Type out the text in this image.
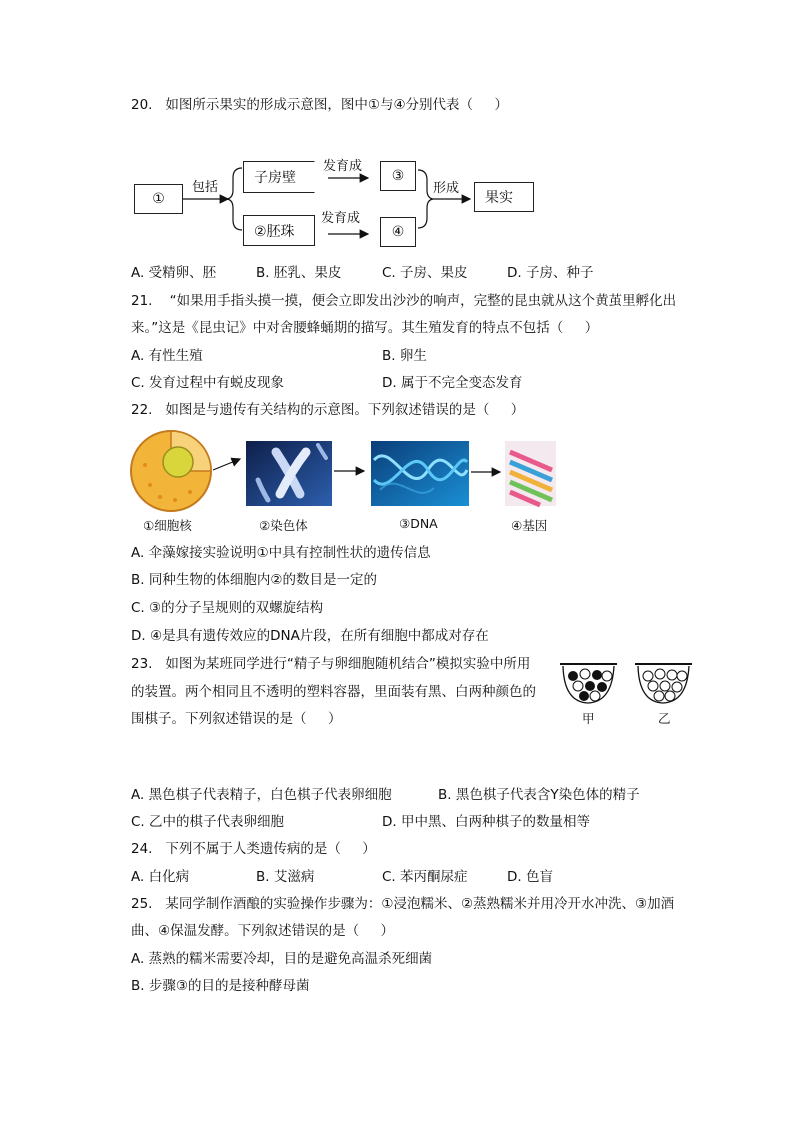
20.   如图所示果实的形成示意图，图中①与④分别代表（     ）
①
包括
子房壁
发育成
③
形成
果实
②胚珠
发育成
④
A. 受精卵、胚	B. 胚乳、果皮	C. 子房、果皮	D. 子房、种子
21.    “如果用手指头摸一摸，便会立即发出沙沙的响声，完整的昆虫就从这个黄茧里孵化出
来。”这是《昆虫记》中对舍腰蜂蛹期的描写。其生殖发育的特点不包括（     ）
A. 有性生殖	B. 卵生
C. 发育过程中有蜕皮现象	D. 属于不完全变态发育
22.   如图是与遗传有关结构的示意图。下列叙述错误的是（     ）
①细胞核	②染色体	③DNA	④基因
A. 伞藻嫁接实验说明①中具有控制性状的遗传信息
B. 同种生物的体细胞内②的数目是一定的
C. ③的分子呈规则的双螺旋结构
D. ④是具有遗传效应的DNA片段，在所有细胞中都成对存在
23.   如图为某班同学进行“精子与卵细胞随机结合”模拟实验中所用
的装置。两个相同且不透明的塑料容器，里面装有黑、白两种颜色的
围棋子。下列叙述错误的是（     ）	甲	乙
A. 黑色棋子代表精子，白色棋子代表卵细胞	B. 黑色棋子代表含Y染色体的精子
C. 乙中的棋子代表卵细胞	D. 甲中黑、白两种棋子的数量相等
24.   下列不属于人类遗传病的是（     ）
A. 白化病	B. 艾滋病	C. 苯丙酮尿症	D. 色盲
25.   某同学制作酒酿的实验操作步骤为：①浸泡糯米、②蒸熟糯米并用冷开水冲洗、③加酒
曲、④保温发酵。下列叙述错误的是（     ）
A. 蒸熟的糯米需要冷却，目的是避免高温杀死细菌
B. 步骤③的目的是接种酵母菌
